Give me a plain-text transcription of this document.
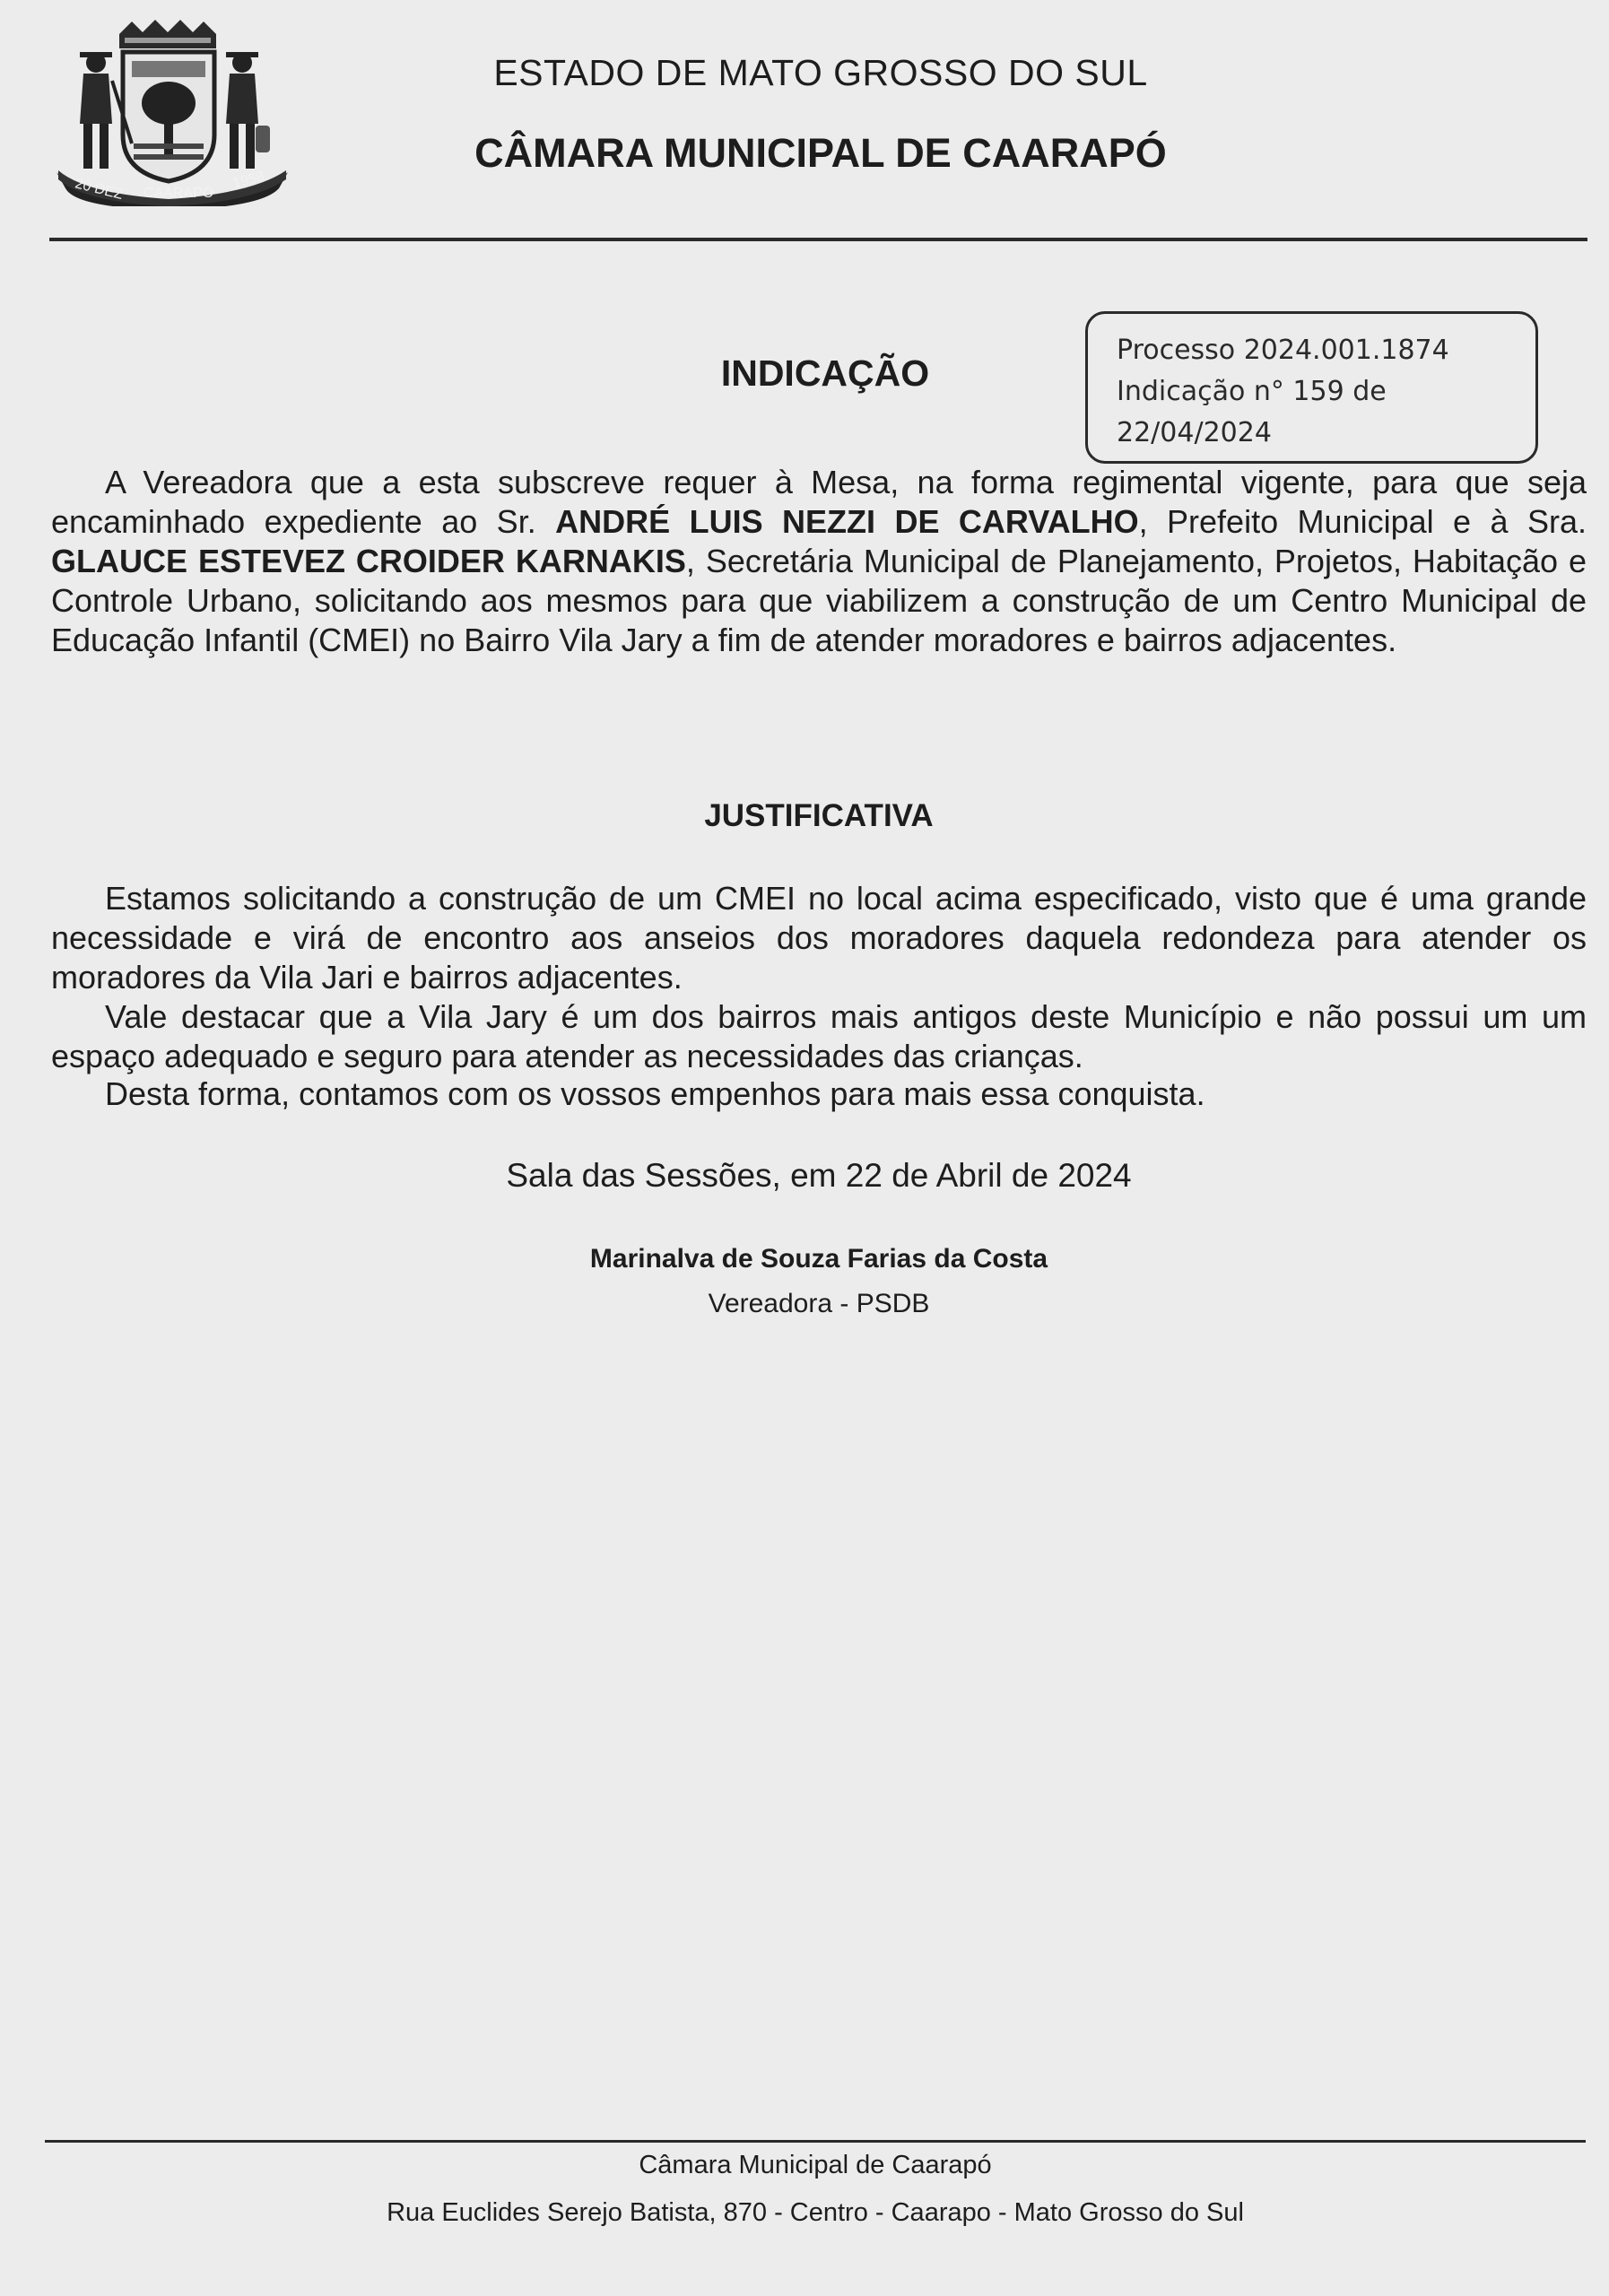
20 DEZ CAARAPÓ
1958
ESTADO DE MATO GROSSO DO SUL
CÂMARA MUNICIPAL DE CAARAPÓ
INDICAÇÃO
Processo 2024.001.1874
Indicação n° 159 de
22/04/2024
A Vereadora que a esta subscreve requer à Mesa, na forma regimental vigente, para que seja encaminhado expediente ao Sr. ANDRÉ LUIS NEZZI DE CARVALHO, Prefeito Municipal e à Sra. GLAUCE ESTEVEZ CROIDER KARNAKIS, Secretária Municipal de Planejamento, Projetos, Habitação e Controle Urbano, solicitando aos mesmos para que viabilizem a construção de um Centro Municipal de Educação Infantil (CMEI) no Bairro Vila Jary a fim de atender moradores e bairros adjacentes.
JUSTIFICATIVA
Estamos solicitando a construção de um CMEI no local acima especificado, visto que é uma grande necessidade e virá de encontro aos anseios dos moradores daquela redondeza para atender os moradores da Vila Jari e bairros adjacentes.
Vale destacar que a Vila Jary é um dos bairros mais antigos deste Município e não possui um um espaço adequado e seguro para atender as necessidades das crianças.
Desta forma, contamos com os vossos empenhos para mais essa conquista.
Sala das Sessões, em 22 de Abril de 2024
Marinalva de Souza Farias da Costa
Vereadora - PSDB
Câmara Municipal de Caarapó
Rua Euclides Serejo Batista, 870 - Centro - Caarapo - Mato Grosso do Sul
